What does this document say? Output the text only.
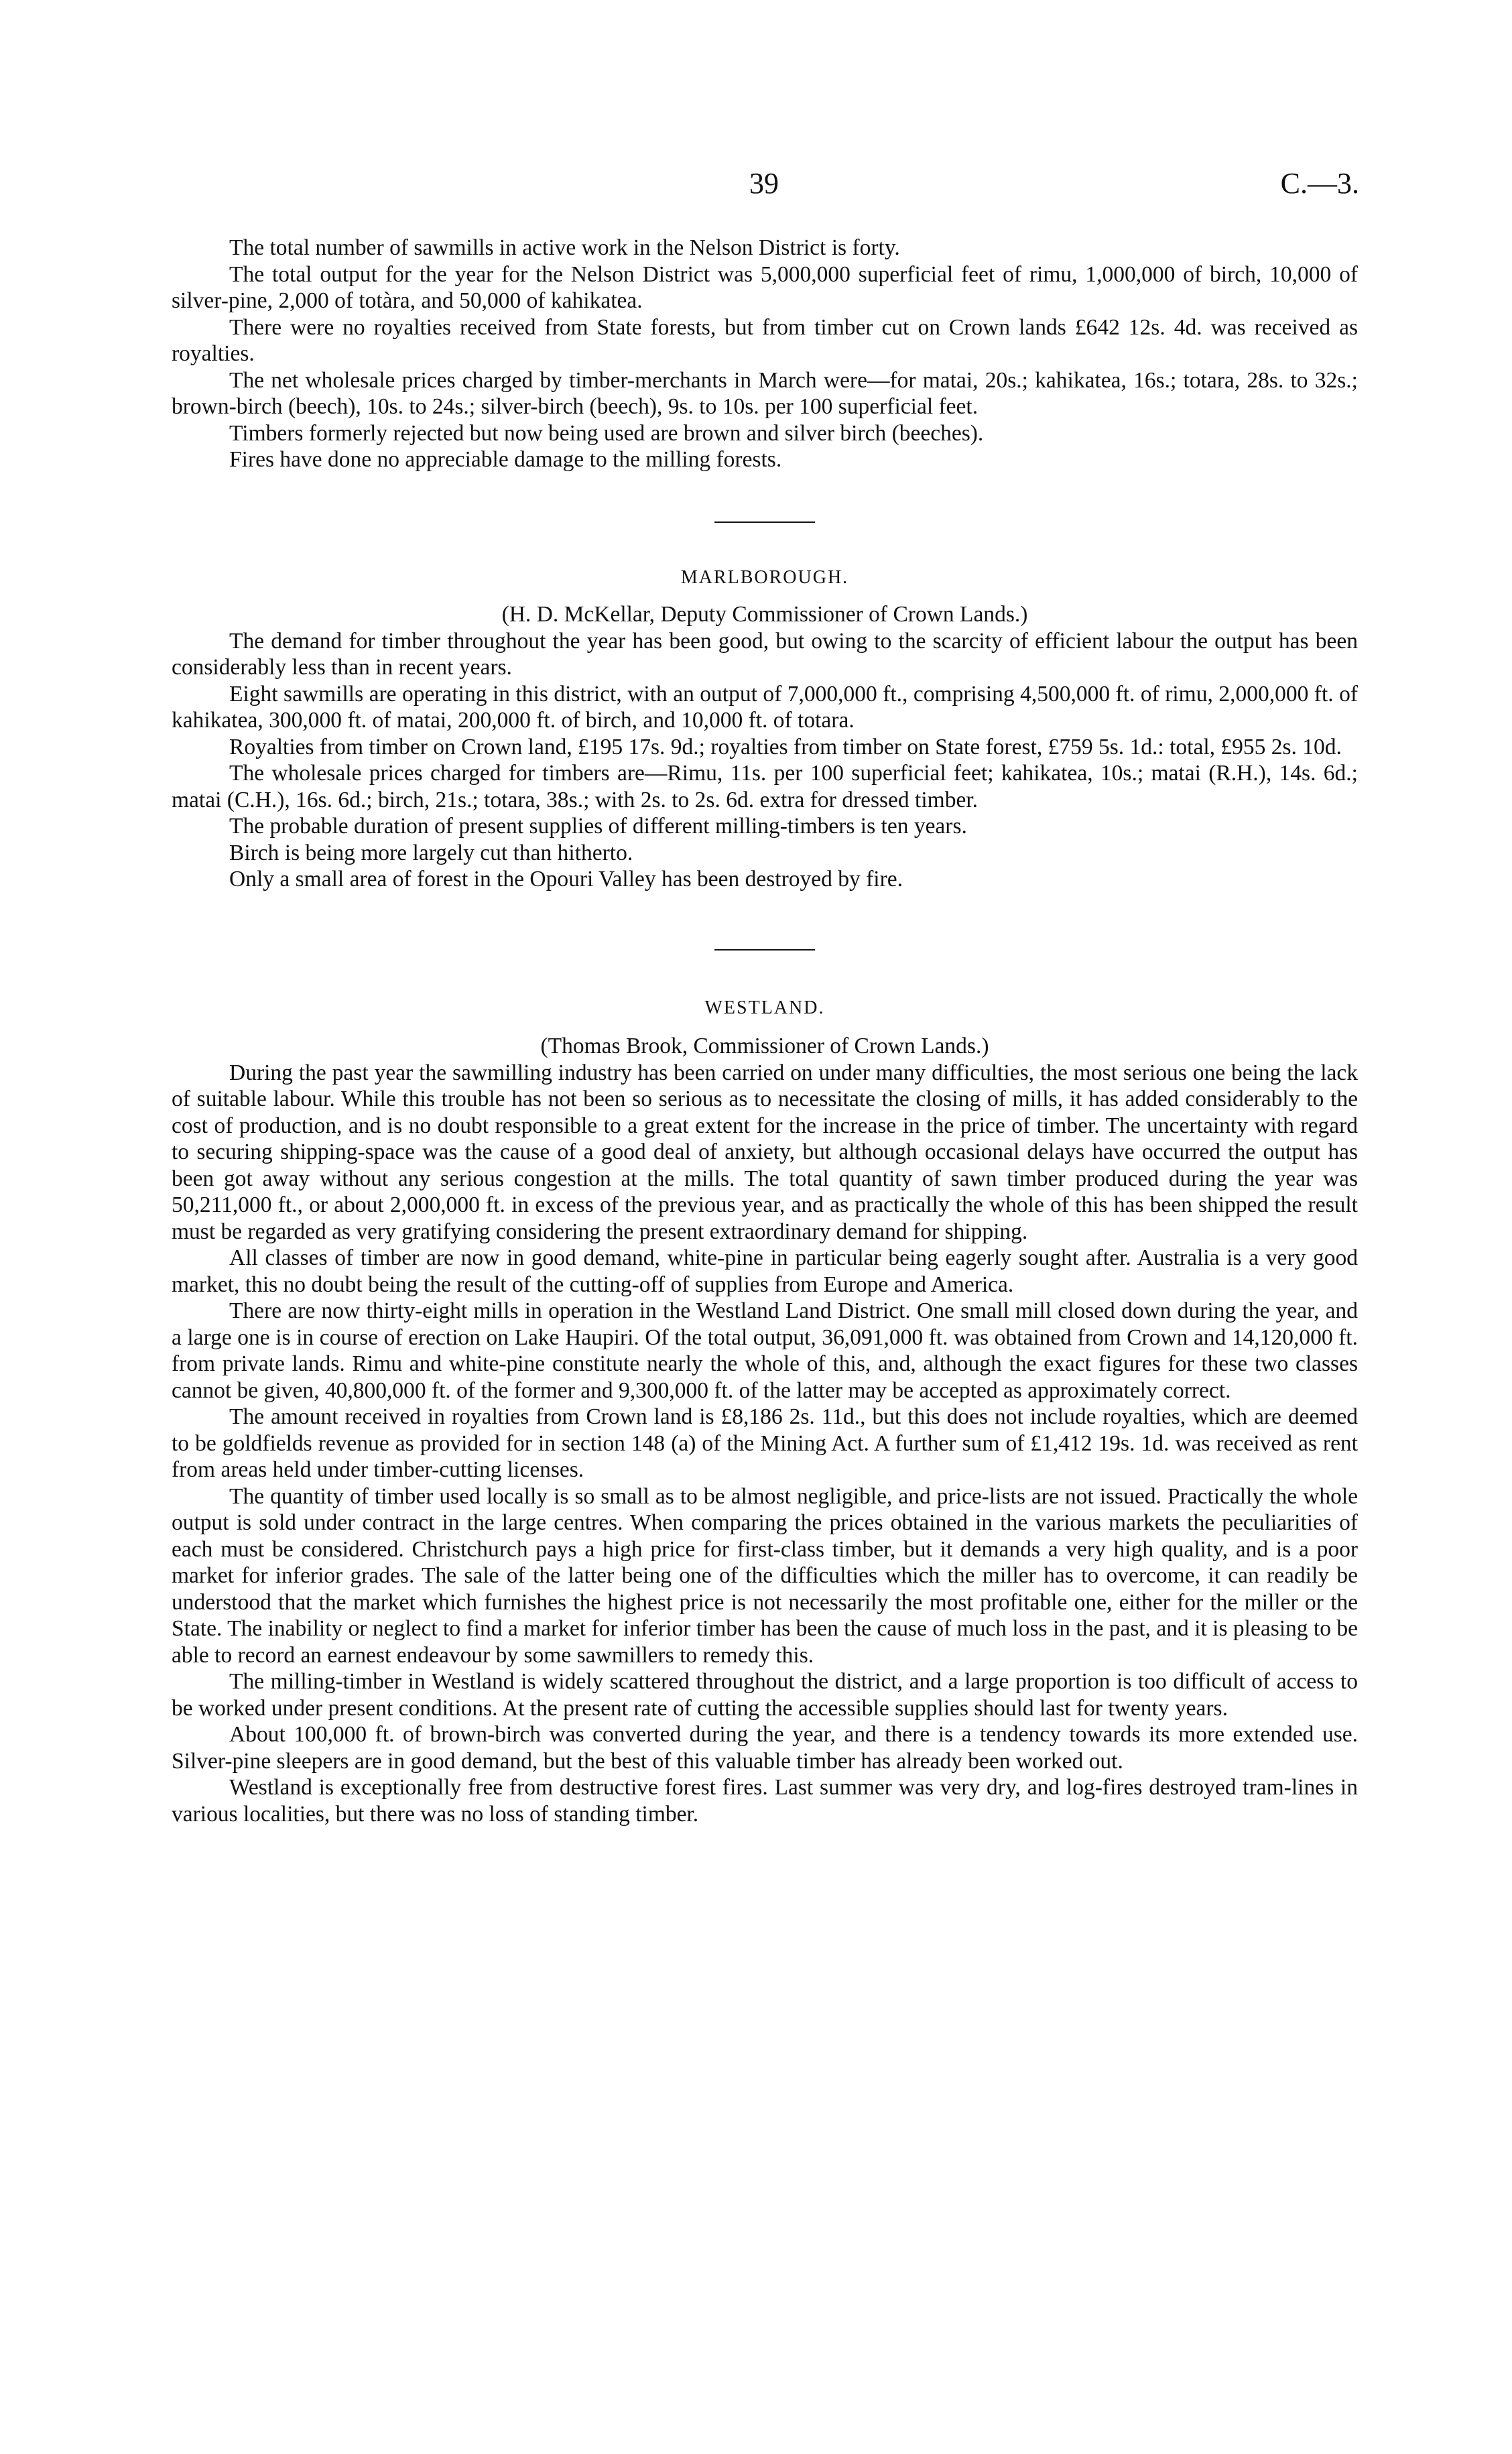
39	C.—3.

The total number of sawmills in active work in the Nelson District is forty.

The total output for the year for the Nelson District was 5,000,000 superficial feet of rimu, 1,000,000 of birch, 10,000 of silver-pine, 2,000 of totàra, and 50,000 of kahikatea.

There were no royalties received from State forests, but from timber cut on Crown lands £642 12s. 4d. was received as royalties.

The net wholesale prices charged by timber-merchants in March were—for matai, 20s.; kahikatea, 16s.; totara, 28s. to 32s.; brown-birch (beech), 10s. to 24s.; silver-birch (beech), 9s. to 10s. per 100 superficial feet.

Timbers formerly rejected but now being used are brown and silver birch (beeches).

Fires have done no appreciable damage to the milling forests.

MARLBOROUGH.
(H. D. McKellar, Deputy Commissioner of Crown Lands.)

The demand for timber throughout the year has been good, but owing to the scarcity of efficient labour the output has been considerably less than in recent years.

Eight sawmills are operating in this district, with an output of 7,000,000 ft., comprising 4,500,000 ft. of rimu, 2,000,000 ft. of kahikatea, 300,000 ft. of matai, 200,000 ft. of birch, and 10,000 ft. of totara.

Royalties from timber on Crown land, £195 17s. 9d.; royalties from timber on State forest, £759 5s. 1d.: total, £955 2s. 10d.

The wholesale prices charged for timbers are—Rimu, 11s. per 100 superficial feet; kahikatea, 10s.; matai (R.H.), 14s. 6d.; matai (C.H.), 16s. 6d.; birch, 21s.; totara, 38s.; with 2s. to 2s. 6d. extra for dressed timber.

The probable duration of present supplies of different milling-timbers is ten years.

Birch is being more largely cut than hitherto.

Only a small area of forest in the Opouri Valley has been destroyed by fire.

WESTLAND.
(Thomas Brook, Commissioner of Crown Lands.)

During the past year the sawmilling industry has been carried on under many difficulties, the most serious one being the lack of suitable labour. While this trouble has not been so serious as to necessitate the closing of mills, it has added considerably to the cost of production, and is no doubt responsible to a great extent for the increase in the price of timber. The uncertainty with regard to securing shipping-space was the cause of a good deal of anxiety, but although occasional delays have occurred the output has been got away without any serious congestion at the mills. The total quantity of sawn timber produced during the year was 50,211,000 ft., or about 2,000,000 ft. in excess of the previous year, and as practically the whole of this has been shipped the result must be regarded as very gratifying considering the present extraordinary demand for shipping.

All classes of timber are now in good demand, white-pine in particular being eagerly sought after. Australia is a very good market, this no doubt being the result of the cutting-off of supplies from Europe and America.

There are now thirty-eight mills in operation in the Westland Land District. One small mill closed down during the year, and a large one is in course of erection on Lake Haupiri. Of the total output, 36,091,000 ft. was obtained from Crown and 14,120,000 ft. from private lands. Rimu and white-pine constitute nearly the whole of this, and, although the exact figures for these two classes cannot be given, 40,800,000 ft. of the former and 9,300,000 ft. of the latter may be accepted as approximately correct.

The amount received in royalties from Crown land is £8,186 2s. 11d., but this does not include royalties, which are deemed to be goldfields revenue as provided for in section 148 (a) of the Mining Act. A further sum of £1,412 19s. 1d. was received as rent from areas held under timber-cutting licenses.

The quantity of timber used locally is so small as to be almost negligible, and price-lists are not issued. Practically the whole output is sold under contract in the large centres. When comparing the prices obtained in the various markets the peculiarities of each must be considered. Christchurch pays a high price for first-class timber, but it demands a very high quality, and is a poor market for inferior grades. The sale of the latter being one of the difficulties which the miller has to overcome, it can readily be understood that the market which furnishes the highest price is not necessarily the most profitable one, either for the miller or the State. The inability or neglect to find a market for inferior timber has been the cause of much loss in the past, and it is pleasing to be able to record an earnest endeavour by some sawmillers to remedy this.

The milling-timber in Westland is widely scattered throughout the district, and a large proportion is too difficult of access to be worked under present conditions. At the present rate of cutting the accessible supplies should last for twenty years.

About 100,000 ft. of brown-birch was converted during the year, and there is a tendency towards its more extended use. Silver-pine sleepers are in good demand, but the best of this valuable timber has already been worked out.

Westland is exceptionally free from destructive forest fires. Last summer was very dry, and log-fires destroyed tram-lines in various localities, but there was no loss of standing timber.
